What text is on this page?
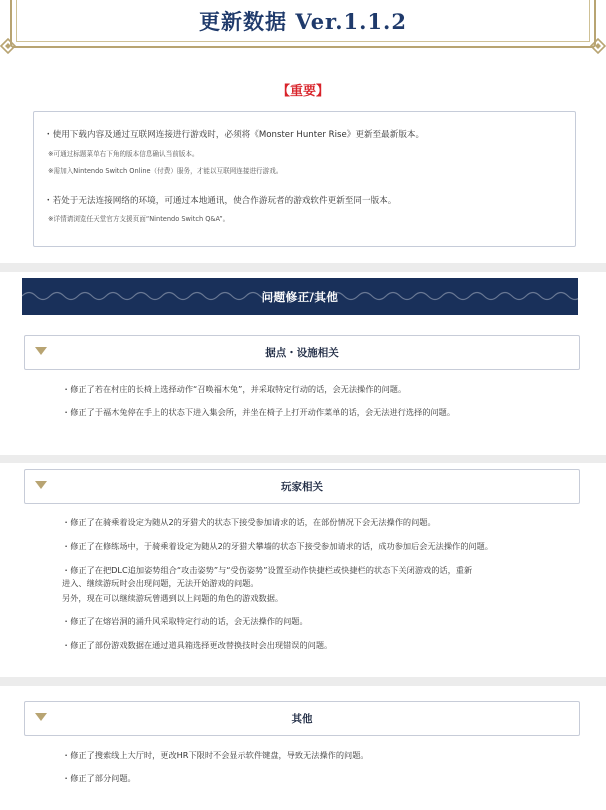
更新数据 Ver.1.1.2
【重要】
・使用下载内容及通过互联网连接进行游戏时，必须将《Monster Hunter Rise》更新至最新版本。
※可通过标题菜单右下角的版本信息确认当前版本。
※需加入Nintendo Switch Online（付费）服务，才能以互联网连接进行游戏。
・若处于无法连接网络的环境，可通过本地通讯，使合作游玩者的游戏软件更新至同一版本。
※详情请浏览任天堂官方支援页面“Nintendo Switch Q&A”。
问题修正/其他
据点・设施相关
・修正了若在村庄的长椅上选择动作“召唤福木兔”，并采取特定行动的话，会无法操作的问题。
・修正了于福木兔停在手上的状态下进入集会所，并坐在椅子上打开动作菜单的话，会无法进行选择的问题。
玩家相关
・修正了在骑乘着设定为随从2的牙猎犬的状态下接受参加请求的话，在部份情况下会无法操作的问题。
・修正了在修练场中，于骑乘着设定为随从2的牙猎犬攀墙的状态下接受参加请求的话，成功参加后会无法操作的问题。
・修正了在把DLC追加姿势组合“攻击姿势”与“受伤姿势”设置至动作快捷栏或快捷栏的状态下关闭游戏的话，重新
进入、继续游玩时会出现问题，无法开始游戏的问题。
另外，现在可以继续游玩曾遇到以上问题的角色的游戏数据。
・修正了在熔岩洞的涌升风采取特定行动的话，会无法操作的问题。
・修正了部份游戏数据在通过道具箱选择更改替换技时会出现错误的问题。
其他
・修正了搜索线上大厅时，更改HR下限时不会显示软件键盘，导致无法操作的问题。
・修正了部分问题。
